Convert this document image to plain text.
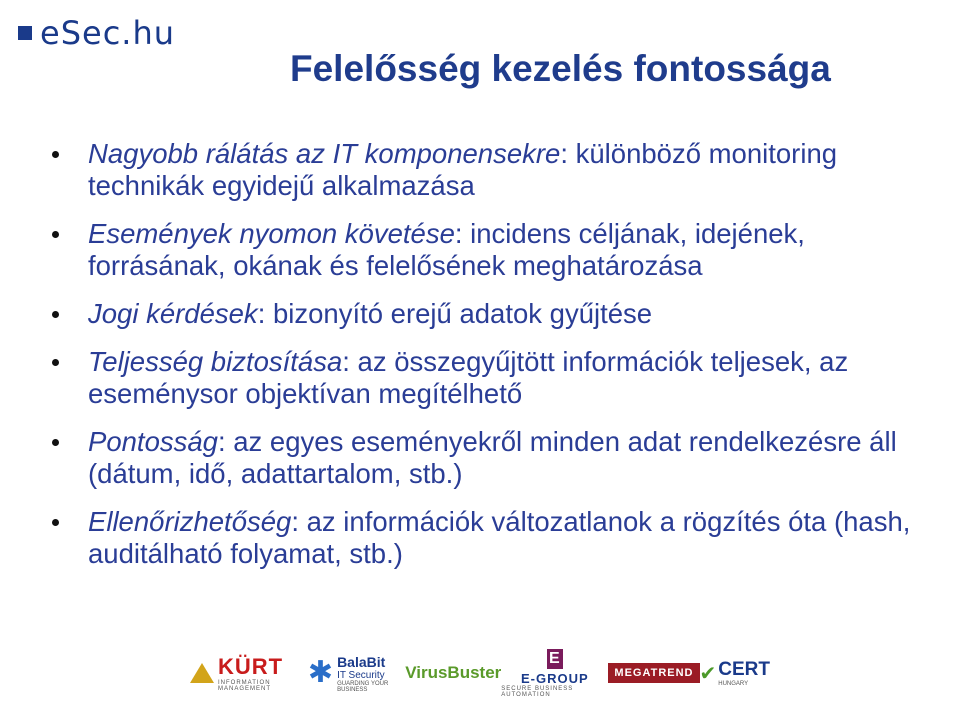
eSec.hu
Felelősség kezelés fontossága
Nagyobb rálátás az IT komponensekre: különböző monitoring technikák egyidejű alkalmazása
Események nyomon követése: incidens céljának, idejének, forrásának, okának és felelősének meghatározása
Jogi kérdések: bizonyító erejű adatok gyűjtése
Teljesség biztosítása: az összegyűjtött információk teljesek, az eseménysor objektívan megítélhető
Pontosság: az egyes eseményekről minden adat rendelkezésre áll (dátum, idő, adattartalom, stb.)
Ellenőrizhetőség: az információk változatlanok a rögzítés óta (hash, auditálható folyamat, stb.)
KÜRT
INFORMATION MANAGEMENT	✱ BalaBit
IT Security
GUARDING YOUR BUSINESS
VirusBuster
E
E-GROUP
SECURE BUSINESS AUTOMATION
MEGATREND ✔ CERT
HUNGARY
